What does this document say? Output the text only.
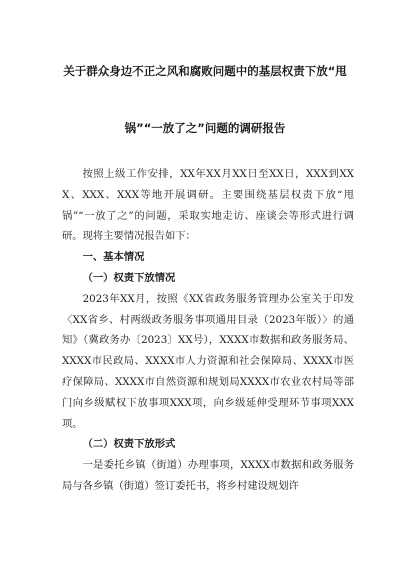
关于群众身边不正之风和腐败问题中的基层权责下放“甩
锅”“一放了之”问题的调研报告

按照上级工作安排，XX年XX月XX日至XX日，XXX到XXX、XXX、XXX等地开展调研。主要围绕基层权责下放“甩锅”“一放了之”的问题，采取实地走访、座谈会等形式进行调研。现将主要情况报告如下：

一、基本情况

（一）权责下放情况

2023年XX月，按照《XX省政务服务管理办公室关于印发〈XX省乡、村两级政务服务事项通用目录（2023年版）〉的通知》（冀政务办〔2023〕XX号），XXXX市数据和政务服务局、XXXX市民政局、XXXX市人力资源和社会保障局、XXXX市医疗保障局、XXXX市自然资源和规划局XXXX市农业农村局等部门向乡级赋权下放事项XXX项，向乡级延伸受理环节事项XXX项。

（二）权责下放形式

一是委托乡镇（街道）办理事项，XXXX市数据和政务服务局与各乡镇（街道）签订委托书，将乡村建设规划许
